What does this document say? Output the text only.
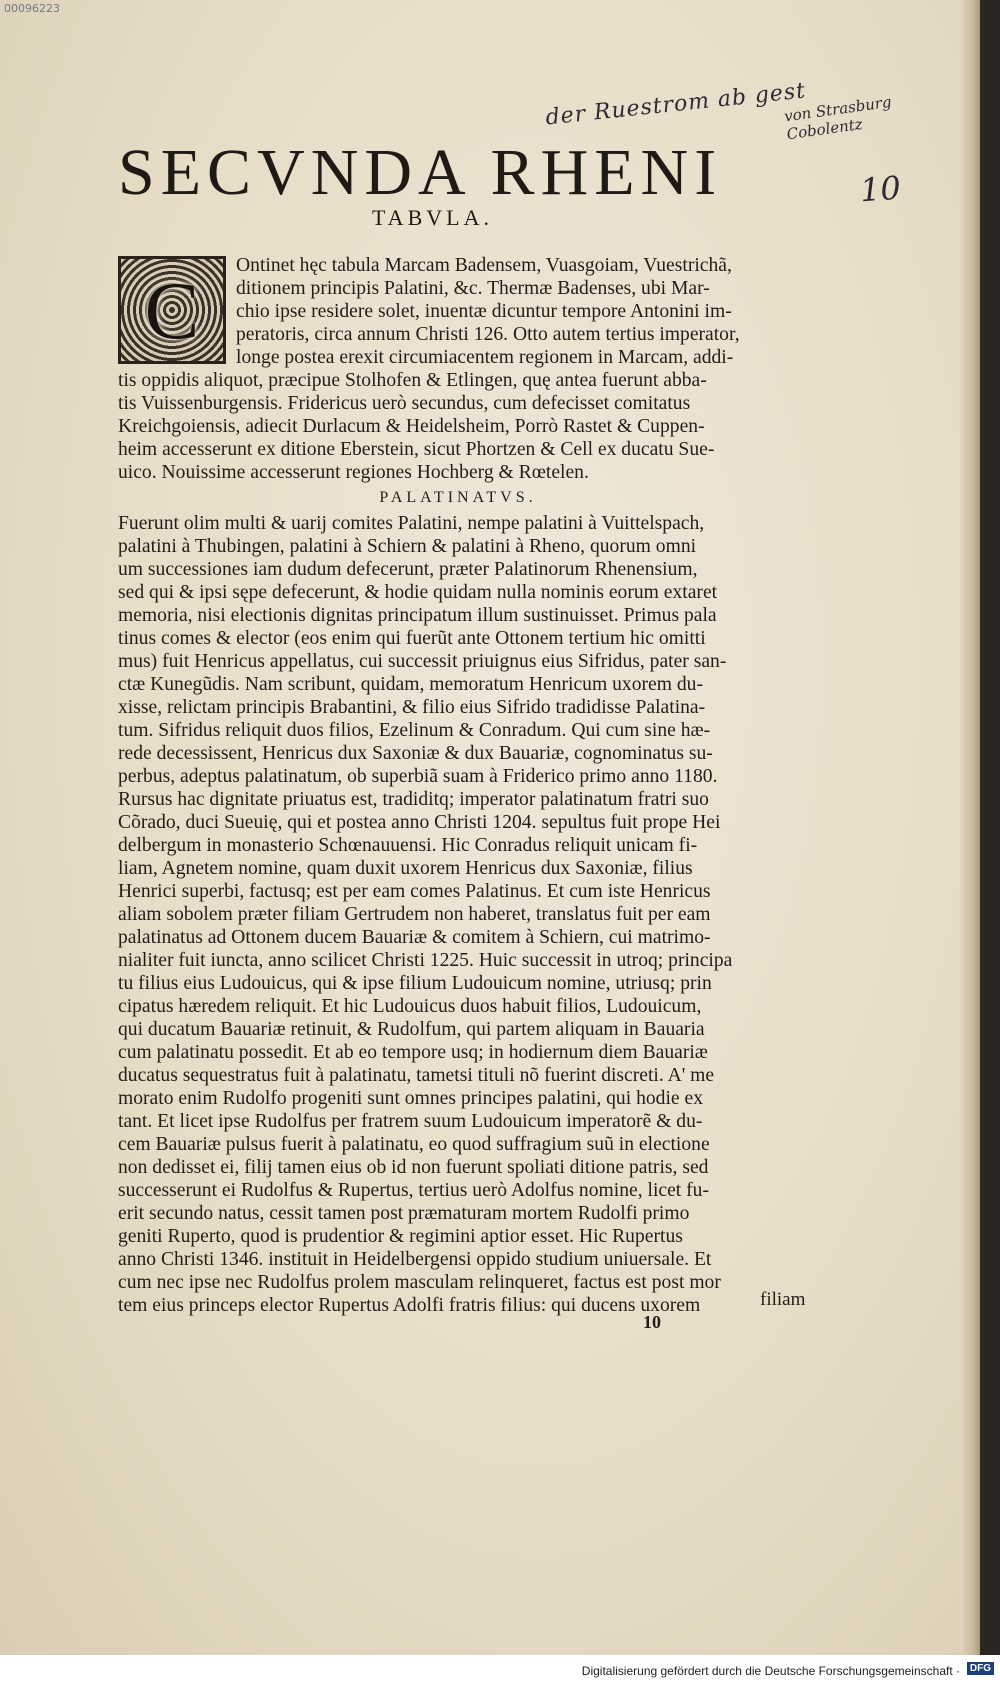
00096223
der Ruestrom ab gest
von Strasburg
Cobolentz
10
SECVNDA RHENI
TABVLA.
C	Ontinet hęc tabula Marcam Badensem, Vuasgoiam, Vuestrichã,
ditionem principis Palatini, &c. Thermæ Badenses, ubi Mar-
chio ipse residere solet, inuentæ dicuntur tempore Antonini im-
peratoris, circa annum Christi 126. Otto autem tertius imperator,
longe postea erexit circumiacentem regionem in Marcam, addi-
tis oppidis aliquot, præcipue Stolhofen & Etlingen, quę antea fuerunt abba-
tis Vuissenburgensis. Fridericus uerò secundus, cum defecisset comitatus
Kreichgoiensis, adiecit Durlacum & Heidelsheim, Porrò Rastet & Cuppen-
heim accesserunt ex ditione Eberstein, sicut Phortzen & Cell ex ducatu Sue-
uico. Nouissime accesserunt regiones Hochberg & Rœtelen.
PALATINATVS.
Fuerunt olim multi & uarij comites Palatini, nempe palatini à Vuittelspach,
palatini à Thubingen, palatini à Schiern & palatini à Rheno, quorum omni
um successiones iam dudum defecerunt, præter Palatinorum Rhenensium,
sed qui & ipsi sępe defecerunt, & hodie quidam nulla nominis eorum extaret
memoria, nisi electionis dignitas principatum illum sustinuisset. Primus pala
tinus comes & elector (eos enim qui fuerũt ante Ottonem tertium hic omitti
mus) fuit Henricus appellatus, cui successit priuignus eius Sifridus, pater san-
ctæ Kunegũdis. Nam scribunt, quidam, memoratum Henricum uxorem du-
xisse, relictam principis Brabantini, & filio eius Sifrido tradidisse Palatina-
tum. Sifridus reliquit duos filios, Ezelinum & Conradum. Qui cum sine hæ-
rede decessissent, Henricus dux Saxoniæ & dux Bauariæ, cognominatus su-
perbus, adeptus palatinatum, ob superbiã suam à Friderico primo anno 1180.
Rursus hac dignitate priuatus est, tradiditq; imperator palatinatum fratri suo
Cõrado, duci Sueuię, qui et postea anno Christi 1204. sepultus fuit prope Hei
delbergum in monasterio Schœnauuensi. Hic Conradus reliquit unicam fi-
liam, Agnetem nomine, quam duxit uxorem Henricus dux Saxoniæ, filius
Henrici superbi, factusq; est per eam comes Palatinus. Et cum iste Henricus
aliam sobolem præter filiam Gertrudem non haberet, translatus fuit per eam
palatinatus ad Ottonem ducem Bauariæ & comitem à Schiern, cui matrimo-
nialiter fuit iuncta, anno scilicet Christi 1225. Huic successit in utroq; principa
tu filius eius Ludouicus, qui & ipse filium Ludouicum nomine, utriusq; prin
cipatus hæredem reliquit. Et hic Ludouicus duos habuit filios, Ludouicum,
qui ducatum Bauariæ retinuit, & Rudolfum, qui partem aliquam in Bauaria
cum palatinatu possedit. Et ab eo tempore usq; in hodiernum diem Bauariæ
ducatus sequestratus fuit à palatinatu, tametsi tituli nõ fuerint discreti. A' me
morato enim Rudolfo progeniti sunt omnes principes palatini, qui hodie ex
tant. Et licet ipse Rudolfus per fratrem suum Ludouicum imperatorẽ & du-
cem Bauariæ pulsus fuerit à palatinatu, eo quod suffragium suũ in electione
non dedisset ei, filij tamen eius ob id non fuerunt spoliati ditione patris, sed
successerunt ei Rudolfus & Rupertus, tertius uerò Adolfus nomine, licet fu-
erit secundo natus, cessit tamen post præmaturam mortem Rudolfi primo
geniti Ruperto, quod is prudentior & regimini aptior esset. Hic Rupertus
anno Christi 1346. instituit in Heidelbergensi oppido studium uniuersale. Et
cum nec ipse nec Rudolfus prolem masculam relinqueret, factus est post mor
tem eius princeps elector Rupertus Adolfi fratris filius: qui ducens uxorem	filiam
10
Digitalisierung gefördert durch die Deutsche Forschungsgemeinschaft · DFG
